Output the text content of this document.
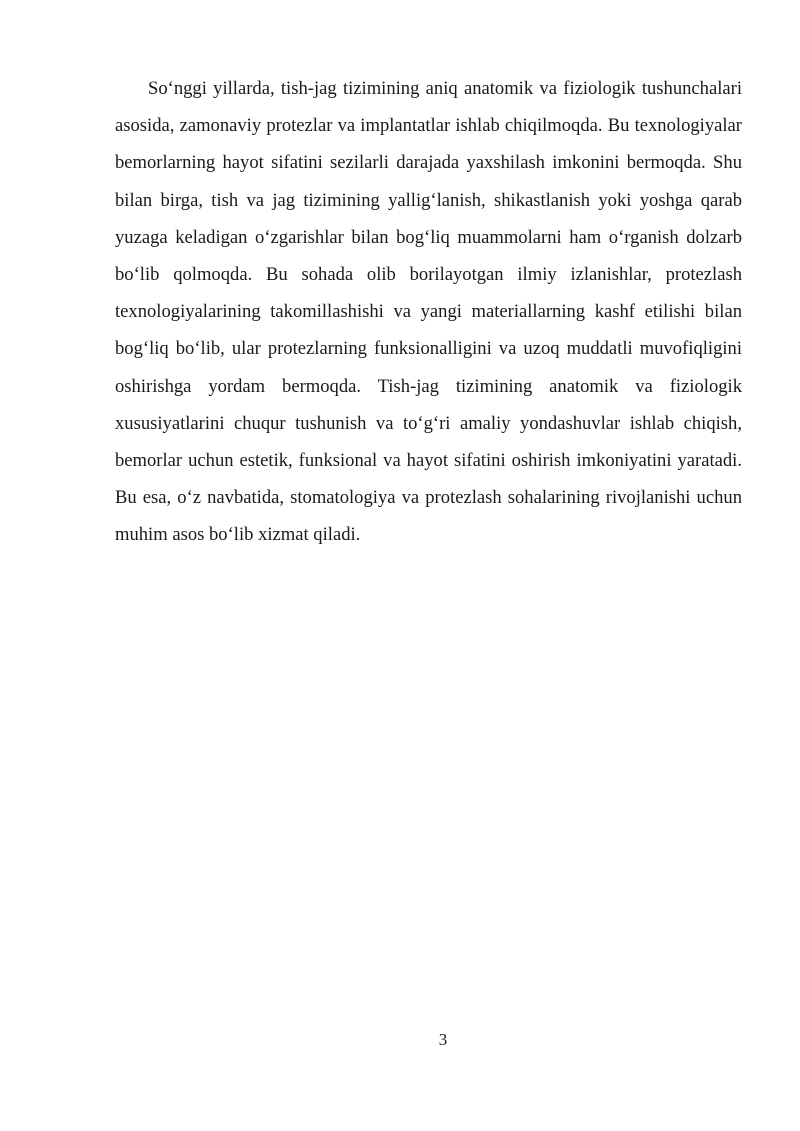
So‘nggi yillarda, tish-jag tizimining aniq anatomik va fiziologik tushunchalari asosida, zamonaviy protezlar va implantatlar ishlab chiqilmoqda. Bu texnologiyalar bemorlarning hayot sifatini sezilarli darajada yaxshilash imkonini bermoqda. Shu bilan birga, tish va jag tizimining yallig‘lanish, shikastlanish yoki yoshga qarab yuzaga keladigan o‘zgarishlar bilan bog‘liq muammolarni ham o‘rganish dolzarb bo‘lib qolmoqda. Bu sohada olib borilayotgan ilmiy izlanishlar, protezlash texnologiyalarining takomillashishi va yangi materiallarning kashf etilishi bilan bog‘liq bo‘lib, ular protezlarning funksionalligini va uzoq muddatli muvofiqligini oshirishga yordam bermoqda. Tish-jag tizimining anatomik va fiziologik xususiyatlarini chuqur tushunish va to‘g‘ri amaliy yondashuvlar ishlab chiqish, bemorlar uchun estetik, funksional va hayot sifatini oshirish imkoniyatini yaratadi. Bu esa, o‘z navbatida, stomatologiya va protezlash sohalarining rivojlanishi uchun muhim asos bo‘lib xizmat qiladi.

3
